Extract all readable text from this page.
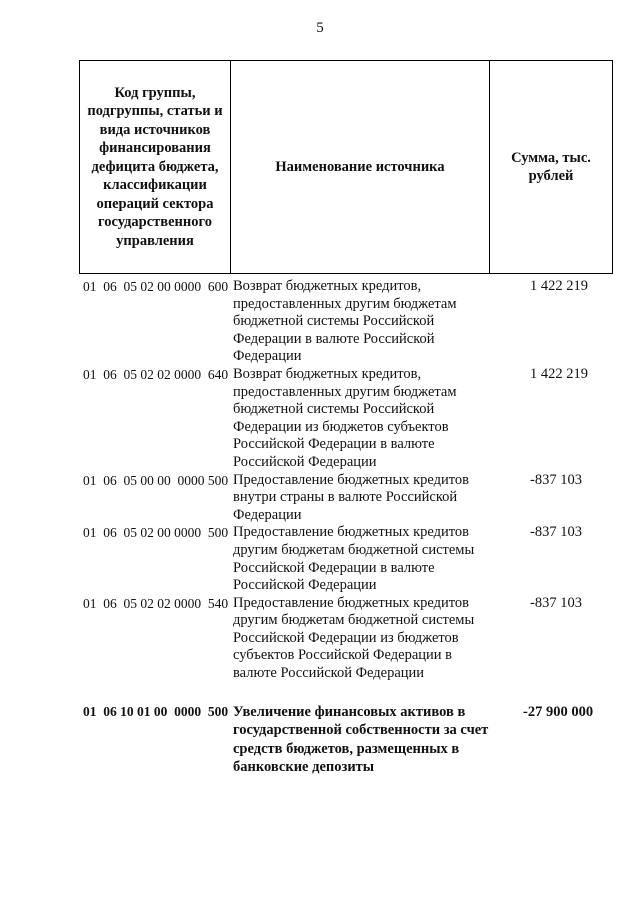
5
Код группы, подгруппы, статьи и вида источников финансирования дефицита бюджета, классификации операций сектора государственного управления
Наименование источника
Сумма, тыс. рублей
01  06  05 02 00 0000  600 Возврат бюджетных кредитов, предоставленных другим бюджетам бюджетной системы Российской Федерации в валюте Российской Федерации
1 422 219
01  06  05 02 02 0000  640 Возврат бюджетных кредитов, предоставленных другим бюджетам бюджетной системы Российской Федерации из бюджетов субъектов Российской Федерации в валюте Российской Федерации
1 422 219
01  06  05 00 00  0000 500 Предоставление бюджетных кредитов внутри страны в валюте Российской Федерации
-837 103
01  06  05 02 00 0000  500 Предоставление бюджетных кредитов другим бюджетам бюджетной системы Российской Федерации в валюте Российской Федерации
-837 103
01  06  05 02 02 0000  540 Предоставление бюджетных кредитов другим бюджетам бюджетной системы Российской Федерации из бюджетов субъектов Российской Федерации в валюте Российской Федерации
-837 103
01  06 10 01 00  0000  500 Увеличение финансовых активов в государственной собственности за счет средств бюджетов, размещенных в банковские депозиты
-27 900 000
